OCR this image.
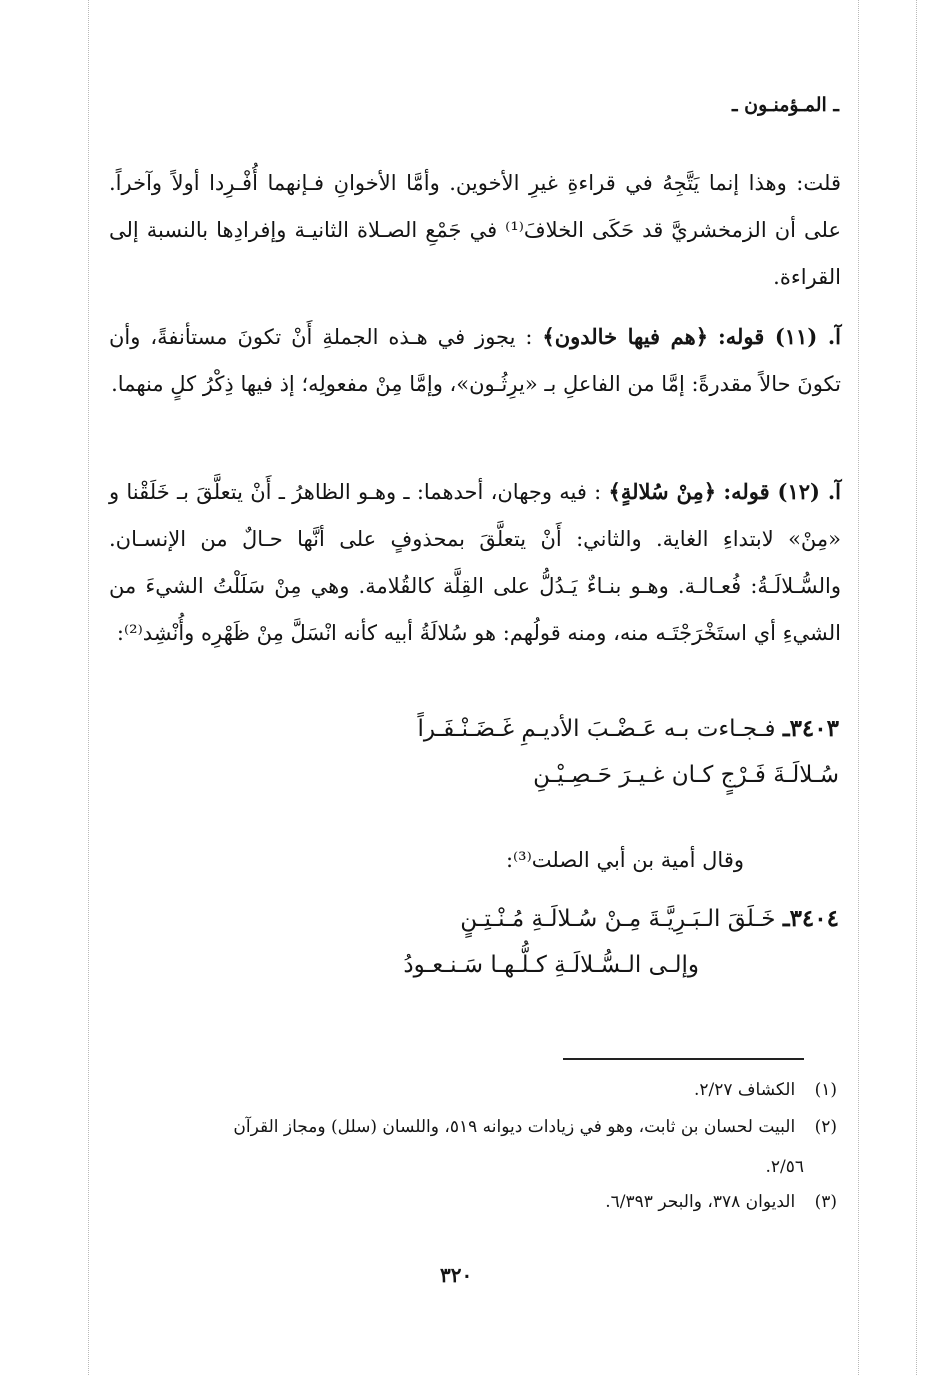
ـ المـؤمنـون ـ
قلت: وهذا إنما يَتَّجِهُ في قراءةِ غيرِ الأخوين. وأمَّا الأخوانِ فـإنهما أُفْـرِدا أولاً وآخراً. على أن الزمخشريَّ قد حَكَى الخلافَ⁽¹⁾ في جَمْعِ الصـلاة الثانيـة وإفرادِها بالنسبة إلى القراءة.
آ. (١١) قوله: ﴿هم فيها خالدون﴾ : يجوز في هـذه الجملةِ أَنْ تكونَ مستأنفةً، وأن تكونَ حالاً مقدرةً: إمَّا من الفاعلِ بـ «يرِثُـون»، وإمَّا مِنْ مفعولِه؛ إذ فيها ذِكْرُ كلٍ منهما.
آ. (١٢) قوله: ﴿مِنْ سُلالةٍ﴾ : فيه وجهان، أحدهما: ـ وهـو الظاهرُ ـ أَنْ يتعلَّقَ بـ خَلَقْنا و «مِنْ» لابتداءِ الغاية. والثاني: أَنْ يتعلَّقَ بمحذوفٍ على أنَّها حـالٌ من الإنسـان. والسُّـلالَـةُ: فُعـالـة. وهـو بنـاءٌ يَـدُلُّ على القِلَّة كالقُلامة. وهي مِنْ سَلَلْتُ الشيءَ من الشيءِ أي استَخْرَجْتَـه منه، ومنه قولُهم: هو سُلالَةُ أبيه كأنه انْسَلَّ مِنْ ظَهْرِه وأُنْشِد⁽²⁾:
٣٤٠٣ـ فـجـاءت بـه عَـضْـبَ الأديـمِ غَـضَـنْـفَـراً
سُـلالَـةَ فَـرْجٍ كـان غـيـرَ حَـصِـيْـنِ
وقال أمية بن أبي الصلت⁽³⁾:
٣٤٠٤ـ خَـلَقَ الـبَـرِيَّـةَ مِـنْ سُـلالَـةِ مُـنْـتِـنٍ
وإلـى الـسُّـلالَـةِ كـلُّـهـا سَـنـعـودُ
(١) الكشاف ٢/٢٧.
(٢) البيت لحسان بن ثابت، وهو في زيادات ديوانه ٥١٩، واللسان (سلل) ومجاز القرآن
٢/٥٦.
(٣) الديوان ٣٧٨، والبحر ٦/٣٩٣.
٣٢٠
